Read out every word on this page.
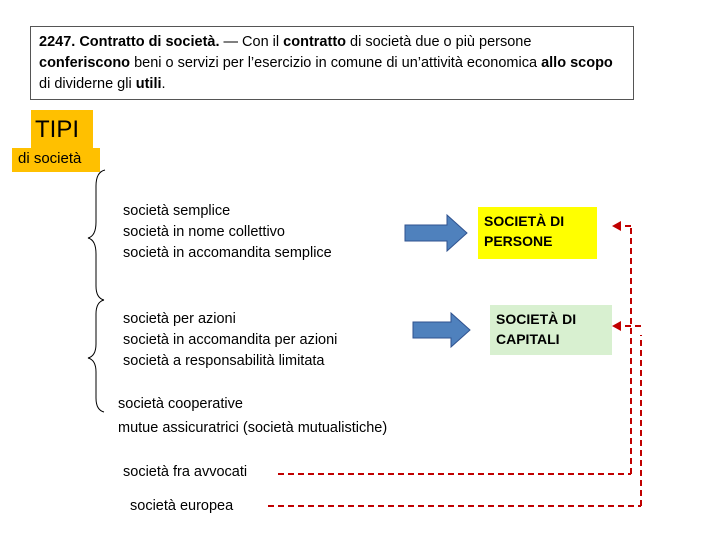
2247. Contratto di società. — Con il contratto di società due o più persone conferiscono beni o servizi per l’esercizio in comune di un’attività economica allo scopo di dividerne gli utili.
TIPI
di società
società semplice
società in nome collettivo
società in accomandita semplice
società per azioni
società in accomandita per azioni
società a responsabilità limitata
società cooperative
mutue assicuratrici (società mutualistiche)
società fra avvocati
società europea
SOCIETÀ DI PERSONE
SOCIETÀ DI CAPITALI
